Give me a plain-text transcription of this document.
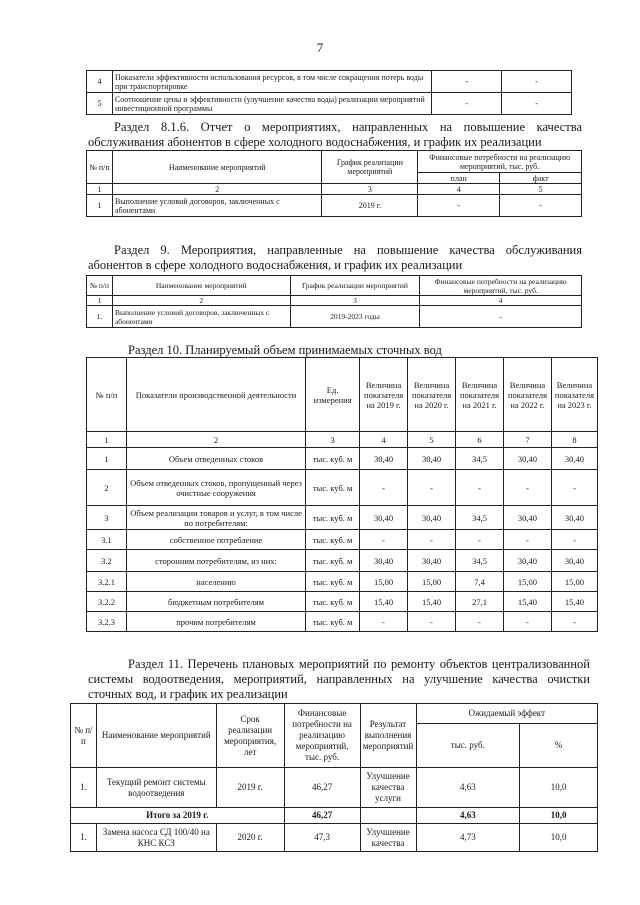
7
4	Показатели эффективности использования ресурсов, в том числе сокращения потерь воды при транспортировке	-	-
5	Соотношение цены и эффективности (улучшение качества воды) реализации мероприятий инвестиционной программы	-	-
Раздел 8.1.6. Отчет о мероприятиях, направленных на повышение качества обслуживания абонентов в сфере холодного водоснабжения, и график их реализации
№ п/п	Наименование мероприятий	График реализации мероприятий	Финансовые потребности на реализацию мероприятий, тыс. руб.	
			план	факт
1	2	3	4	5
1	Выполнение условий договоров, заключенных с абонентами	2019 г.	-	-
Раздел 9. Мероприятия, направленные на повышение качества обслуживания абонентов в сфере холодного водоснабжения, и график их реализации
№ п/п	Наименование мероприятий	График реализации мероприятий	Финансовые потребности на реализацию мероприятий, тыс. руб.
1	2	3	4
1.	Выполнение условий договоров, заключенных с абонентами	2019-2023 годы	-
Раздел 10. Планируемый объем принимаемых сточных вод
№ п/п	Показатели производственной деятельности	Ед. измерения	Величина показателя на 2019 г.	Величина показателя на 2020 г.	Величина показателя на 2021 г.	Величина показателя на 2022 г.	Величина показателя на 2023 г.
1	2	3	4	5	6	7	8
1	Объем отведенных стоков	тыс. куб. м	30,40	30,40	34,5	30,40	30,40
2	Объем отведенных стоков, пропущенный через очистные сооружения	тыс. куб. м	-	-	-	-	-
3	Объем реализации товаров и услуг, в том числе по потребителям:	тыс. куб. м	30,40	30,40	34,5	30,40	30,40
3.1	собственное потребление	тыс. куб. м	-	-	-	-	-
3.2	сторонним потребителям, из них:	тыс. куб. м	30,40	30,40	34,5	30,40	30,40
3.2.1	населению	тыс. куб. м	15,00	15,00	7,4	15,00	15,00
3.2.2	бюджетным потребителям	тыс. куб. м	15,40	15,40	27,1	15,40	15,40
3.2.3	прочим потребителям	тыс. куб. м	-	-	-	-	-
Раздел 11. Перечень плановых мероприятий по ремонту объектов централизованной системы водоотведения, мероприятий, направленных на улучшение качества очистки сточных вод, и график их реализации
№ п/п	Наименование мероприятий	Срок реализации мероприятия, лет	Финансовые потребности на реализацию мероприятий, тыс. руб.	Результат выполнения мероприятий	Ожидаемый эффект	
					тыс. руб.	%
1.	Текущий ремонт системы водоотведения	2019 г.	46,27	Улучшение качества услуги	4,63	10,0
Итого за 2019 г.			46,27		4,63	10,0
1.	Замена насоса СД 100/40 на КНС КСЗ	2020 г.	47,3	Улучшение качества	4,73	10,0
